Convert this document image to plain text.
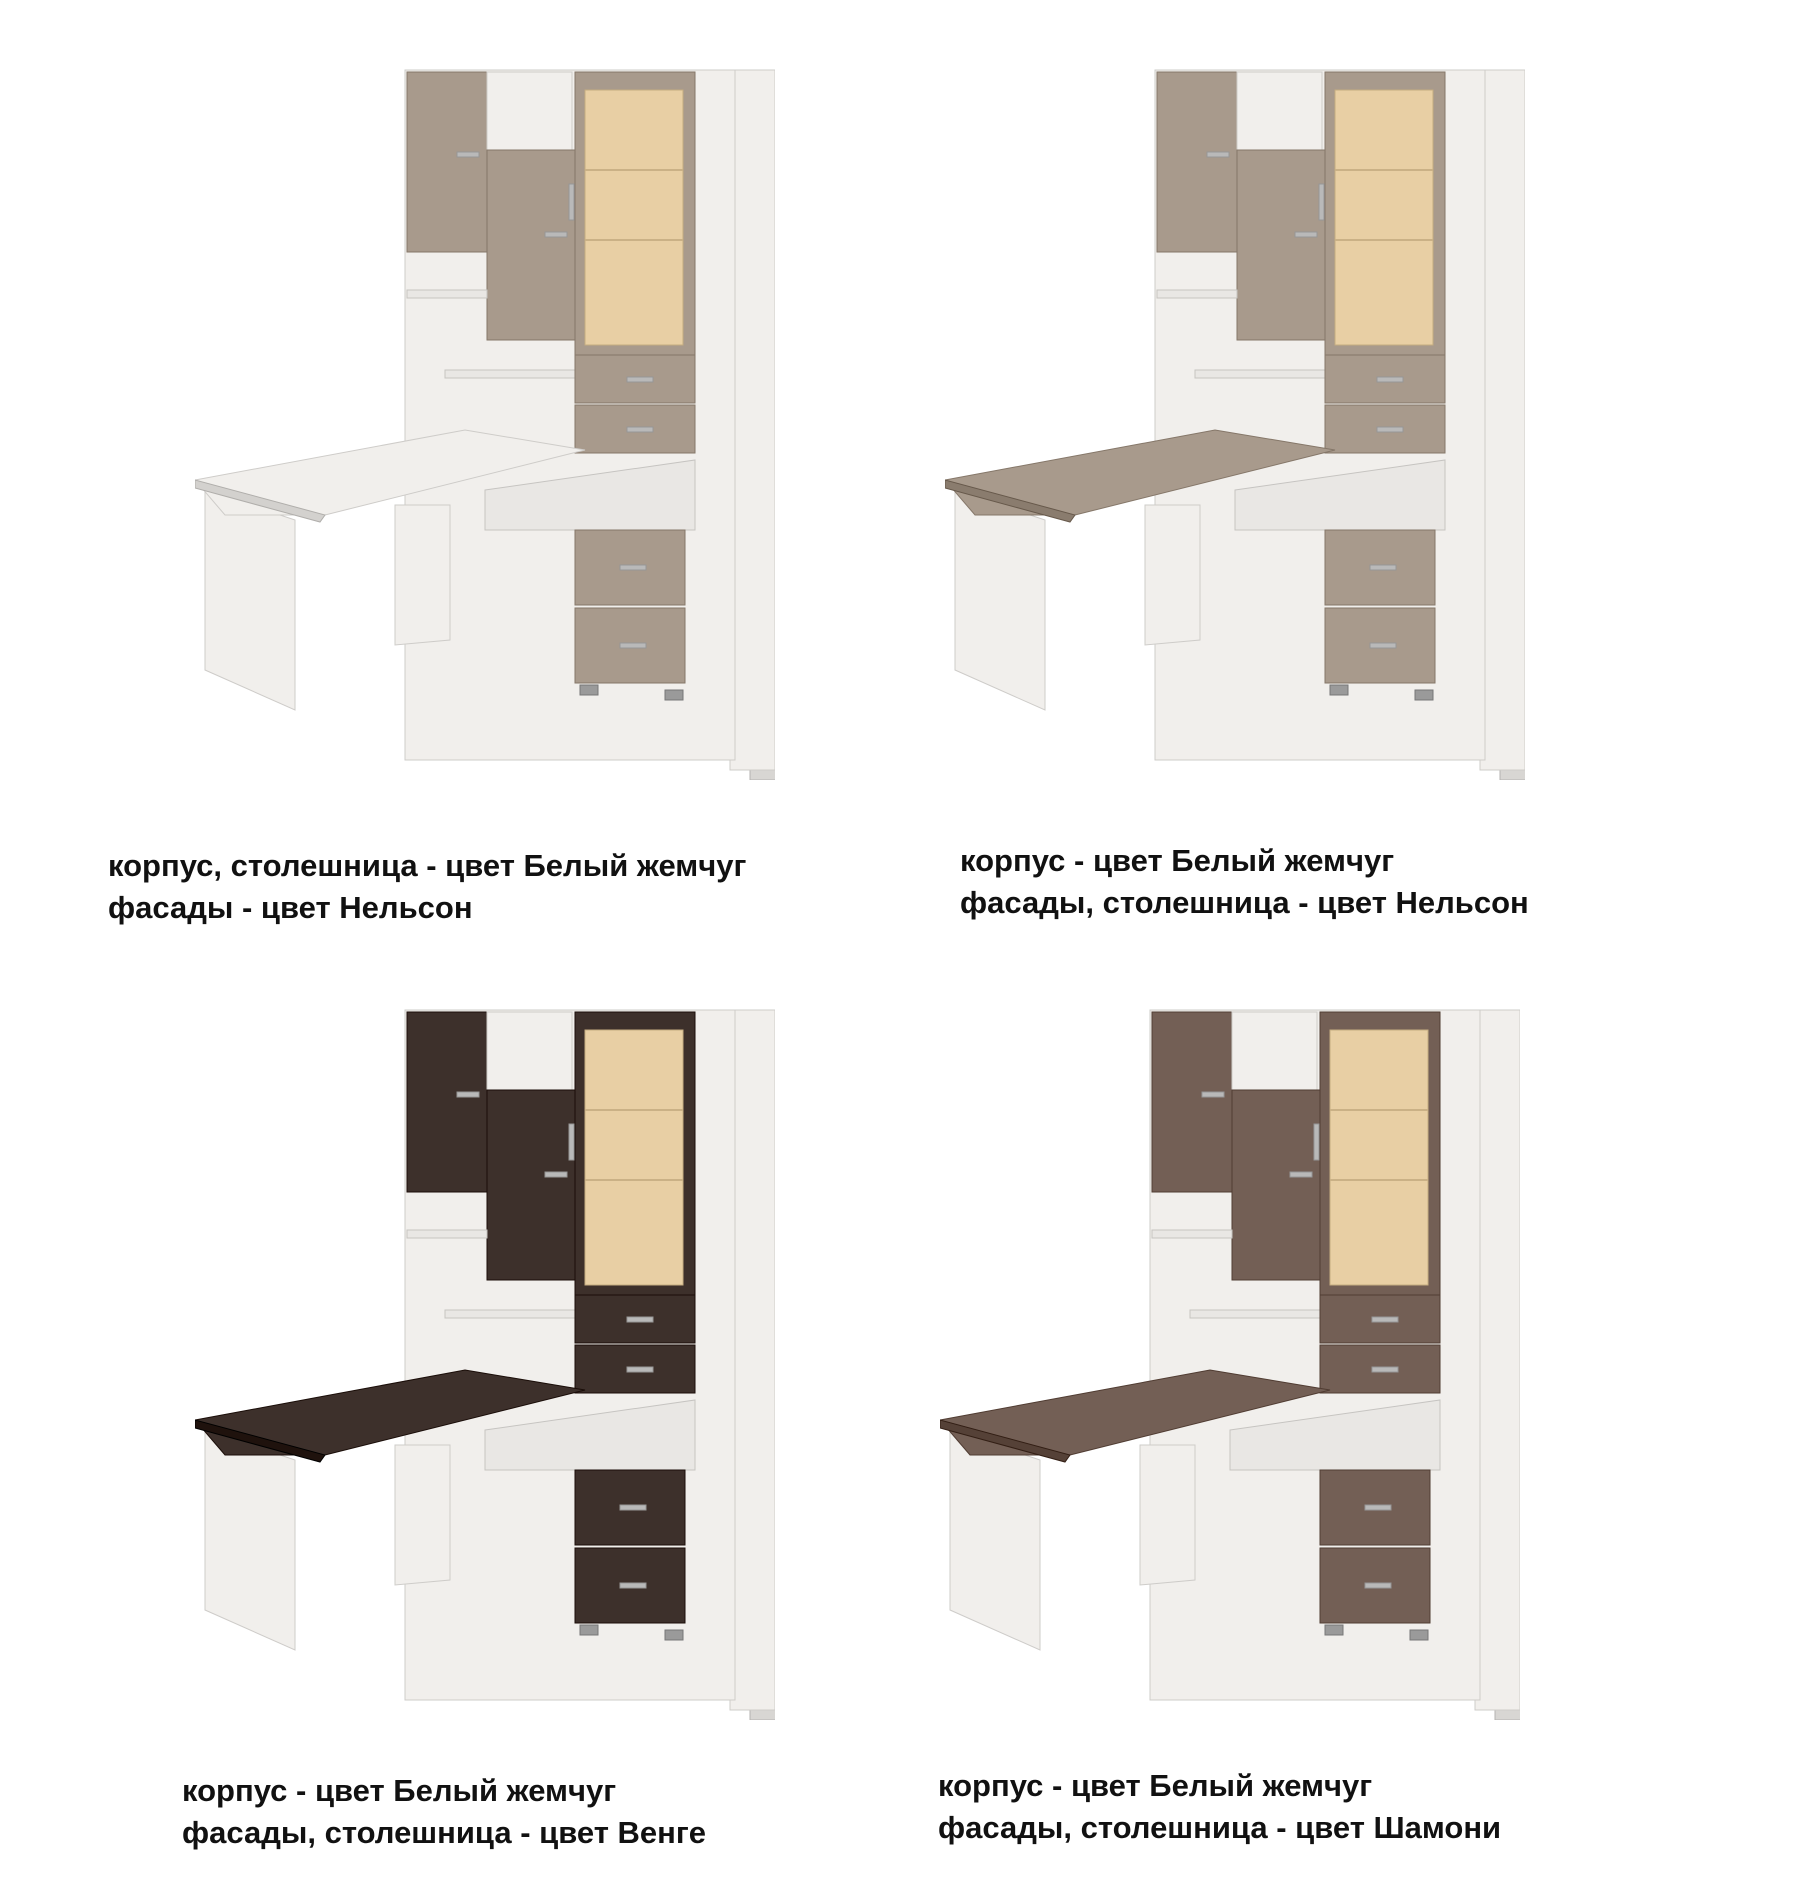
корпус, столешница - цвет Белый жемчуг
фасады - цвет Нельсон
корпус - цвет Белый жемчуг
фасады, столешница - цвет Нельсон
корпус - цвет Белый жемчуг
фасады, столешница - цвет Венге
корпус - цвет Белый жемчуг
фасады, столешница - цвет Шамони
